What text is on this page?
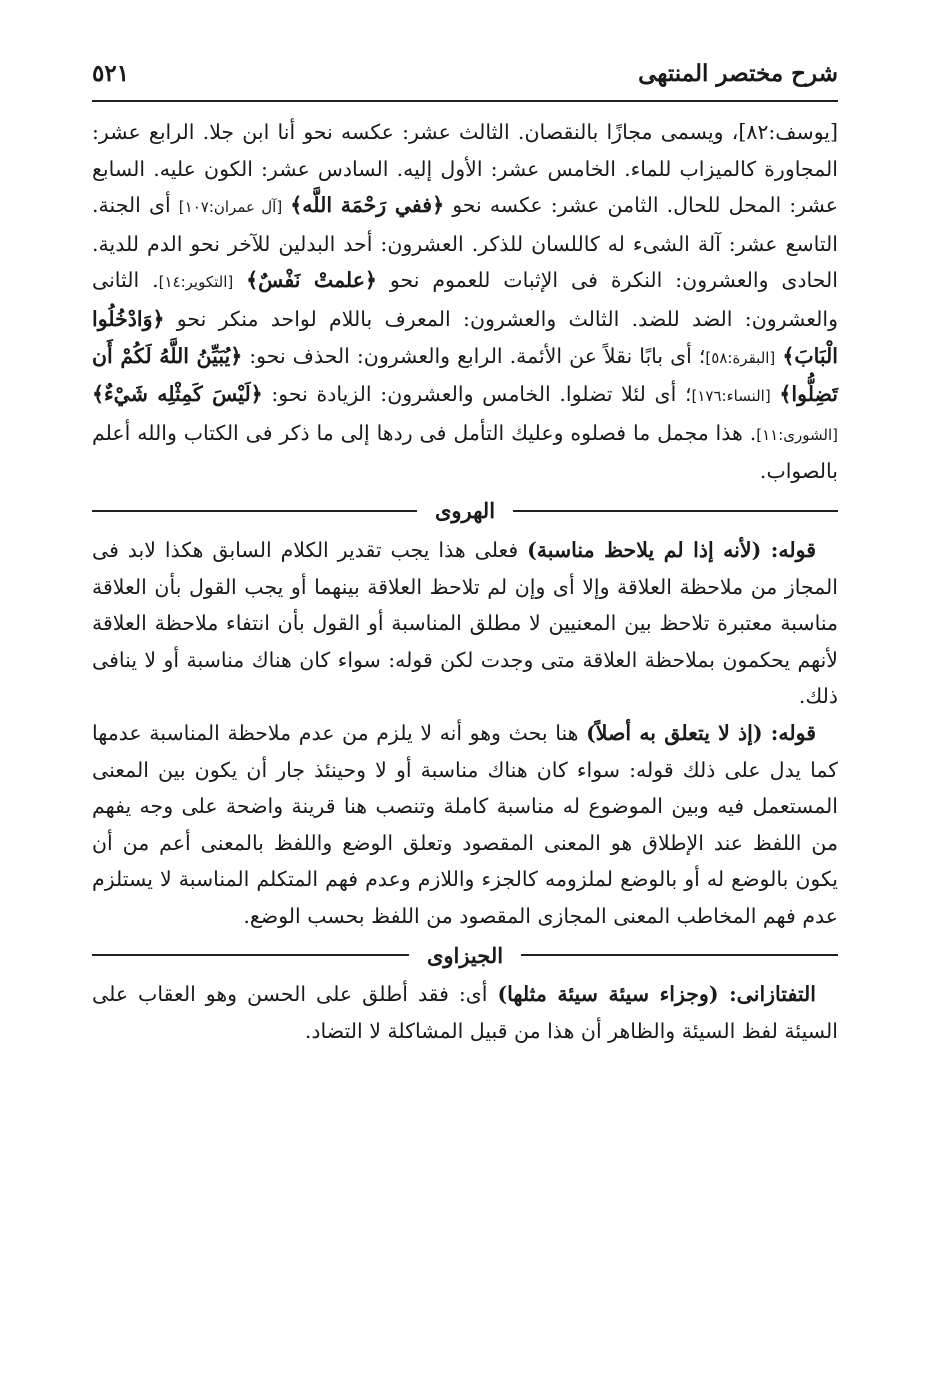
شرح مختصر المنتهى
٥٢١
[يوسف:٨٢]، ويسمى مجازًا بالنقصان. الثالث عشر: عكسه نحو أنا ابن جلا. الرابع عشر: المجاورة كالميزاب للماء. الخامس عشر: الأول إليه. السادس عشر: الكون عليه. السابع عشر: المحل للحال. الثامن عشر: عكسه نحو ﴿ففي رَحْمَة اللَّه﴾ [آل عمران:١٠٧] أى الجنة. التاسع عشر: آلة الشىء له كاللسان للذكر. العشرون: أحد البدلين للآخر نحو الدم للدية. الحادى والعشرون: النكرة فى الإثبات للعموم نحو ﴿علمتْ نَفْسٌ﴾ [التكوير:١٤]. الثانى والعشرون: الضد للضد. الثالث والعشرون: المعرف باللام لواحد منكر نحو ﴿وَادْخُلُوا الْبَابَ﴾ [البقرة:٥٨]؛ أى بابًا نقلاً عن الأئمة. الرابع والعشرون: الحذف نحو: ﴿يُبَيِّنُ اللَّهُ لَكُمْ أَن تَضِلُّوا﴾ [النساء:١٧٦]؛ أى لئلا تضلوا. الخامس والعشرون: الزيادة نحو: ﴿لَيْسَ كَمِثْلِه شَيْءٌ﴾ [الشورى:١١]. هذا مجمل ما فصلوه وعليك التأمل فى ردها إلى ما ذكر فى الكتاب والله أعلم بالصواب.
الهروى

قوله: (لأنه إذا لم يلاحظ مناسبة) فعلى هذا يجب تقدير الكلام السابق هكذا لابد فى المجاز من ملاحظة العلاقة وإلا أى وإن لم تلاحظ العلاقة بينهما أو يجب القول بأن العلاقة مناسبة معتبرة تلاحظ بين المعنيين لا مطلق المناسبة أو القول بأن انتفاء ملاحظة العلاقة لأنهم يحكمون بملاحظة العلاقة متى وجدت لكن قوله: سواء كان هناك مناسبة أو لا ينافى ذلك.

قوله: (إذ لا يتعلق به أصلاً) هنا بحث وهو أنه لا يلزم من عدم ملاحظة المناسبة عدمها كما يدل على ذلك قوله: سواء كان هناك مناسبة أو لا وحينئذ جار أن يكون بين المعنى المستعمل فيه وبين الموضوع له مناسبة كاملة وتنصب هنا قرينة واضحة على وجه يفهم من اللفظ عند الإطلاق هو المعنى المقصود وتعلق الوضع واللفظ بالمعنى أعم من أن يكون بالوضع له أو بالوضع لملزومه كالجزء واللازم وعدم فهم المتكلم المناسبة لا يستلزم عدم فهم المخاطب المعنى المجازى المقصود من اللفظ بحسب الوضع.

الجيزاوى

التفتازانى: (وجزاء سيئة سيئة مثلها) أى: فقد أطلق على الحسن وهو العقاب على السيئة لفظ السيئة والظاهر أن هذا من قبيل المشاكلة لا التضاد.
